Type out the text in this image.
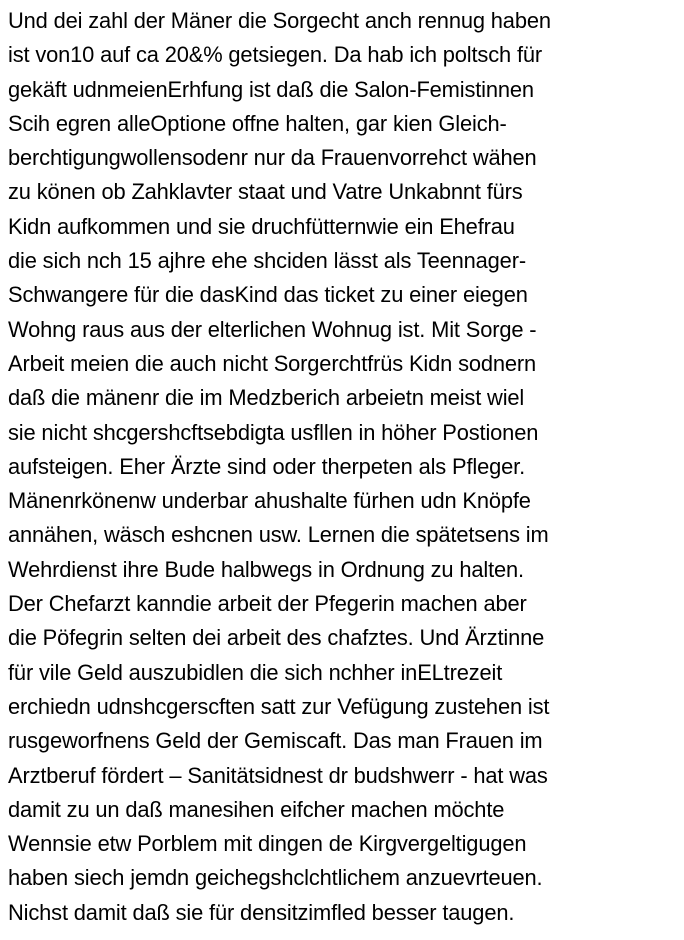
Und dei zahl der Mäner die Sorgecht anch rennug haben
ist von10 auf ca 20&% getsiegen. Da hab ich poltsch für
gekäft udnmeienErhfung ist daß die Salon-Femistinnen
Scih egren alleOptione offne halten, gar kien Gleich-
berchtigungwollensodenr nur da Frauenvorrehct wähen
zu könen ob Zahklavter staat und Vatre Unkabnnt fürs
Kidn aufkommen und sie druchfütternwie ein Ehefrau
die sich nch 15 ajhre ehe shciden lässt als Teennager-
Schwangere für die dasKind das ticket zu einer eiegen
Wohng raus aus der elterlichen Wohnug ist. Mit Sorge -
Arbeit meien die auch nicht Sorgerchtfrüs Kidn sodnern
daß die mänenr die im Medzberich arbeietn meist wiel
sie nicht shcgershcftsebdigta usfllen in höher Postionen
aufsteigen. Eher Ärzte sind oder therpeten als Pfleger.
Mänenrkönenw underbar ahushalte fürhen udn Knöpfe
annähen, wäsch eshcnen usw. Lernen die spätetsens im
Wehrdienst ihre Bude halbwegs in Ordnung zu halten.
Der Chefarzt kanndie arbeit der Pfegerin machen aber
die Pöfegrin selten dei arbeit des chafztes. Und Ärztinne
für vile Geld auszubidlen die sich nchher inELtrezeit
erchiedn udnshcgerscften satt zur Vefügung zustehen ist
rusgeworfnens Geld der Gemiscaft. Das man Frauen im
Arztberuf fördert – Sanitätsidnest dr budshwerr - hat was
damit zu un daß manesihen eifcher machen möchte
Wennsie etw Porblem mit dingen de Kirgvergeltigugen
haben siech jemdn geichegshclchtlichem anzuevrteuen.
Nichst damit daß sie für densitzimfled besser taugen.
